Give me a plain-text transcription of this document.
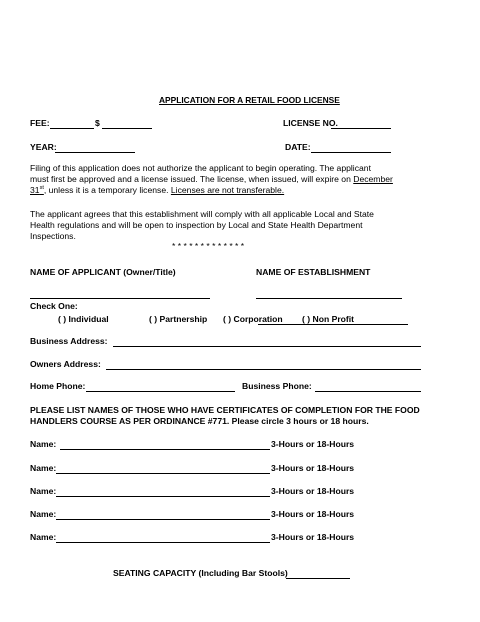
APPLICATION FOR A RETAIL FOOD LICENSE
FEE:	$	LICENSE NO.
YEAR:	DATE:
Filing of this application does not authorize the applicant to begin operating. The applicant
must first be approved and a license issued. The license, when issued, will expire on December
31st, unless it is a temporary license. Licenses are not transferable.
The applicant agrees that this establishment will comply with all applicable Local and State
Health regulations and will be open to inspection by Local and State Health Department
Inspections.
* * * * * * * * * * * * *
NAME OF APPLICANT (Owner/Title)	NAME OF ESTABLISHMENT
Check One:
( ) Individual	( ) Partnership ( ) Corporation ( ) Non Profit
Business Address:
Owners Address:
Home Phone:	Business Phone:
PLEASE LIST NAMES OF THOSE WHO HAVE CERTIFICATES OF COMPLETION FOR THE FOOD
HANDLERS COURSE AS PER ORDINANCE #771. Please circle 3 hours or 18 hours.
Name:	3-Hours or 18-Hours
Name:	3-Hours or 18-Hours
Name:	3-Hours or 18-Hours
Name:	3-Hours or 18-Hours
Name:	3-Hours or 18-Hours
SEATING CAPACITY (Including Bar Stools)
